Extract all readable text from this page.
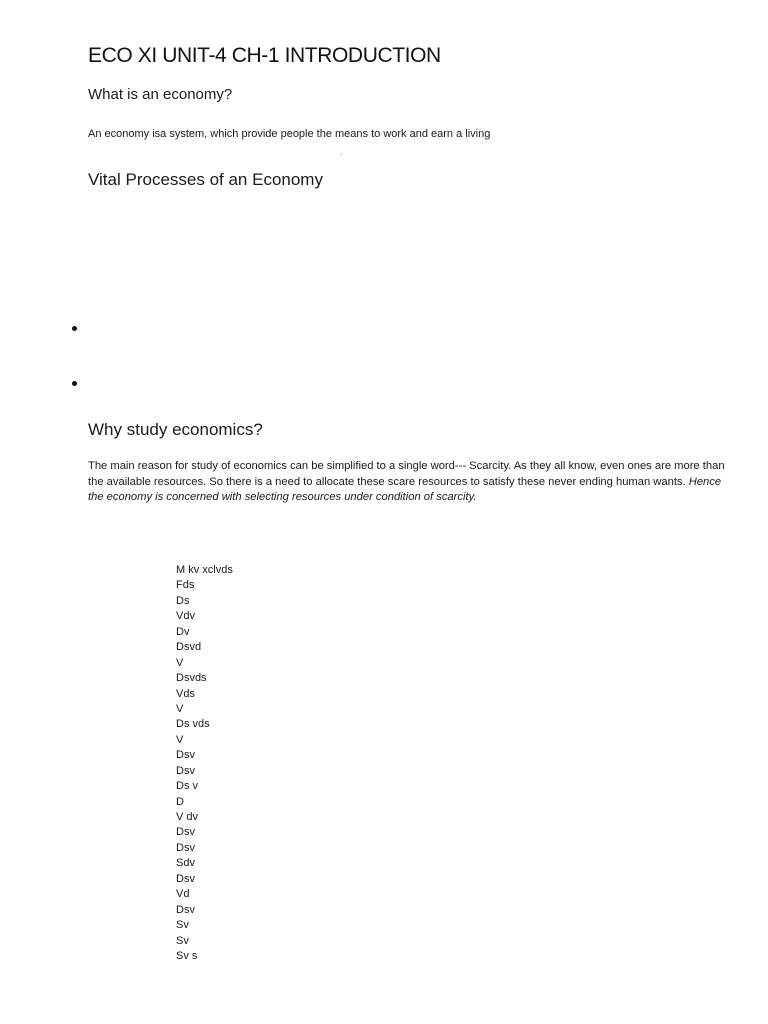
ECO XI UNIT-4 CH-1 INTRODUCTION
What is an economy?

An economy isa system, which provide people the means to work and earn a living

.
Vital Processes of an Economy
Why study economics?

The main reason for study of economics can be simplified to a single word--- Scarcity. As they all know, even ones are more than the available resources. So there is a need to allocate these scare resources to satisfy these never ending human wants. Hence the economy is concerned with selecting resources under condition of scarcity.

M kv xclvds
Fds
Ds
Vdv
Dv
Dsvd
V
Dsvds
Vds
V
Ds vds
V
Dsv
Dsv
Ds v
D
V dv
Dsv
Dsv
Sdv
Dsv
Vd
Dsv
Sv
Sv
Sv s
